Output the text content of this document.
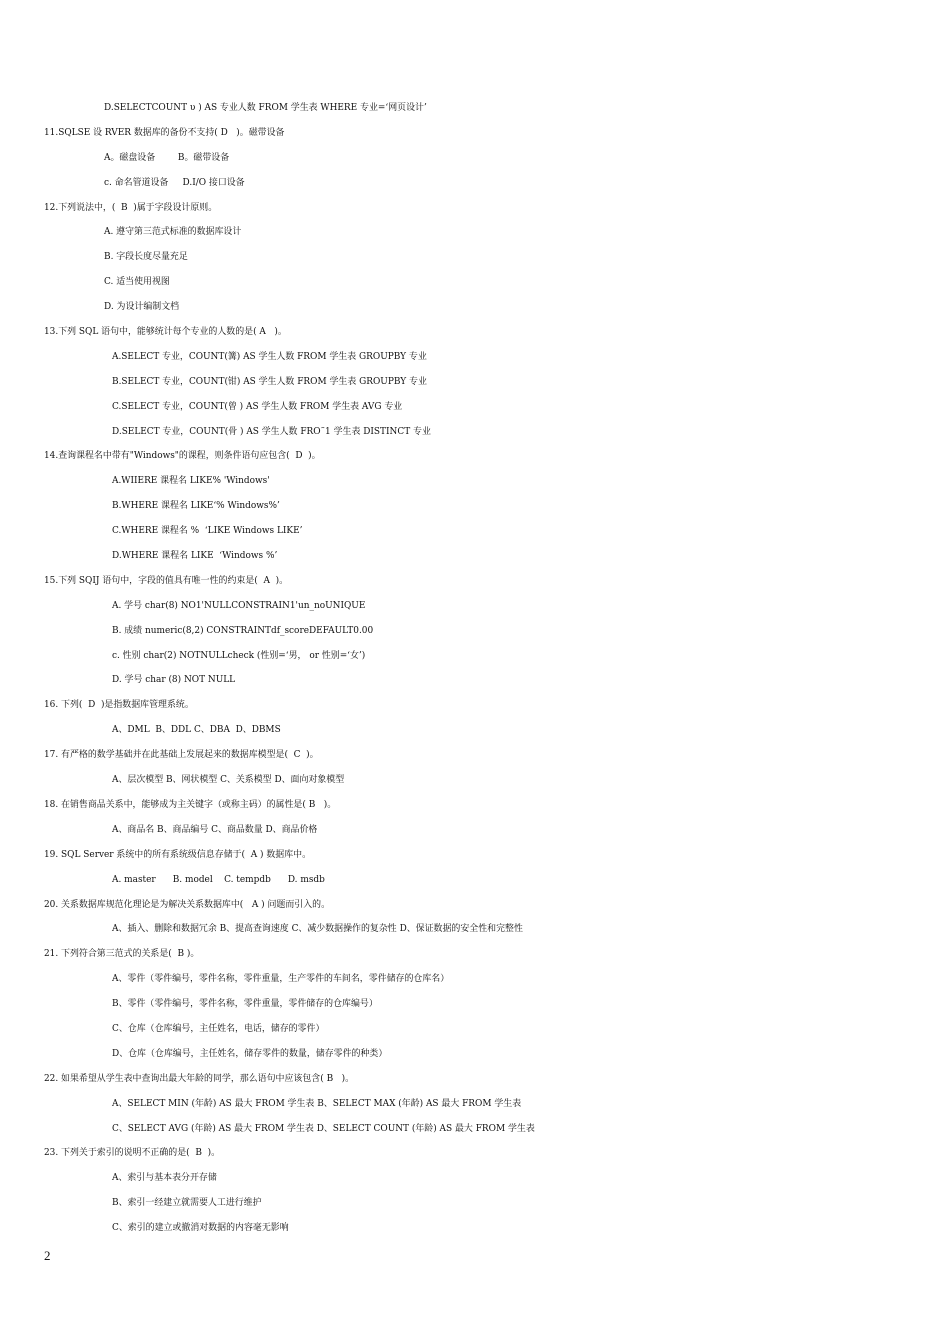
D.SELECTCOUNT υ ) AS 专业人数 FROM 学生表 WHERE 专业=‘网页设计’
11.SQLSE 设 RVER 数据库的备份不支持( D   )。磁带设备
A。磁盘设备        B。磁带设备
c. 命名管道设备     D.I/O 接口设备
12.下列说法中，(  B  )属于字段设计原则。
A. 遵守第三范式标准的数据库设计
B. 字段长度尽量充足
C. 适当使用视图
D. 为设计编制文档
13.下列 SQL 语句中，能够统计每个专业的人数的是( A   )。
A.SELECT 专业，COUNT(篝) AS 学生人数 FROM 学生表 GROUPBY 专业
B.SELECT 专业，COUNT(钳) AS 学生人数 FROM 学生表 GROUPBY 专业
C.SELECT 专业，COUNT(曾 ) AS 学生人数 FROM 学生表 AVG 专业
D.SELECT 专业，COUNT(骨 ) AS 学生人数 FRO˜1 学生表 DISTINCT 专业
14.查询课程名中带有"Windows"的课程，则条件语句应包含(  D  )。
A.WIIERE 课程名 LIKE% 'Windows'
B.WHERE 课程名 LIKE‘% Windows%’
C.WHERE 课程名 %  ‘LIKE Windows LIKE’
D.WHERE 课程名 LIKE  ‘Windows %’
15.下列 SQIJ 语句中，字段的值具有唯一性的约束是(  A  )。
A. 学号 char(8) NO1'NULLCONSTRAIN1'un_noUNIQUE
B. 成绩 numeric(8,2) CONSTRAINTdf_scoreDEFAULT0.00
c. 性别 char(2) NOTNULLcheck (性别=‘男， or 性别=‘女’)
D. 学号 char (8) NOT NULL
16. 下列(  D  )是指数据库管理系统。
A、DML  B、DDL C、DBA  D、DBMS
17. 有严格的数学基础并在此基础上发展起来的数据库模型是(  C  )。
A、层次模型 B、网状模型 C、关系模型 D、面向对象模型
18. 在销售商品关系中，能够成为主关键字（或称主码）的属性是( B   )。
A、商品名 B、商品编号 C、商品数量 D、商品价格
19. SQL Server 系统中的所有系统级信息存储于(  A ) 数据库中。
A. master      B. model    C. tempdb      D. msdb
20. 关系数据库规范化理论是为解决关系数据库中(   A ) 问题而引入的。
A、插入、删除和数据冗余 B、提高查询速度 C、减少数据操作的复杂性 D、保证数据的安全性和完整性
21. 下列符合第三范式的关系是(  B )。
A、零件（零件编号，零件名称，零件重量，生产零件的车间名，零件储存的仓库名）
B、零件（零件编号，零件名称，零件重量，零件储存的仓库编号）
C、仓库（仓库编号，主任姓名，电话，储存的零件）
D、仓库（仓库编号，主任姓名，储存零件的数量，储存零件的种类）
22. 如果希望从学生表中查询出最大年龄的同学，那么语句中应该包含( B   )。
A、SELECT MIN (年龄) AS 最大 FROM 学生表 B、SELECT MAX (年龄) AS 最大 FROM 学生表
C、SELECT AVG (年龄) AS 最大 FROM 学生表 D、SELECT COUNT (年龄) AS 最大 FROM 学生表
23. 下列关于索引的说明不正确的是(  B  )。
A、索引与基本表分开存储
B、索引一经建立就需要人工进行维护
C、索引的建立或撤消对数据的内容毫无影响
2
